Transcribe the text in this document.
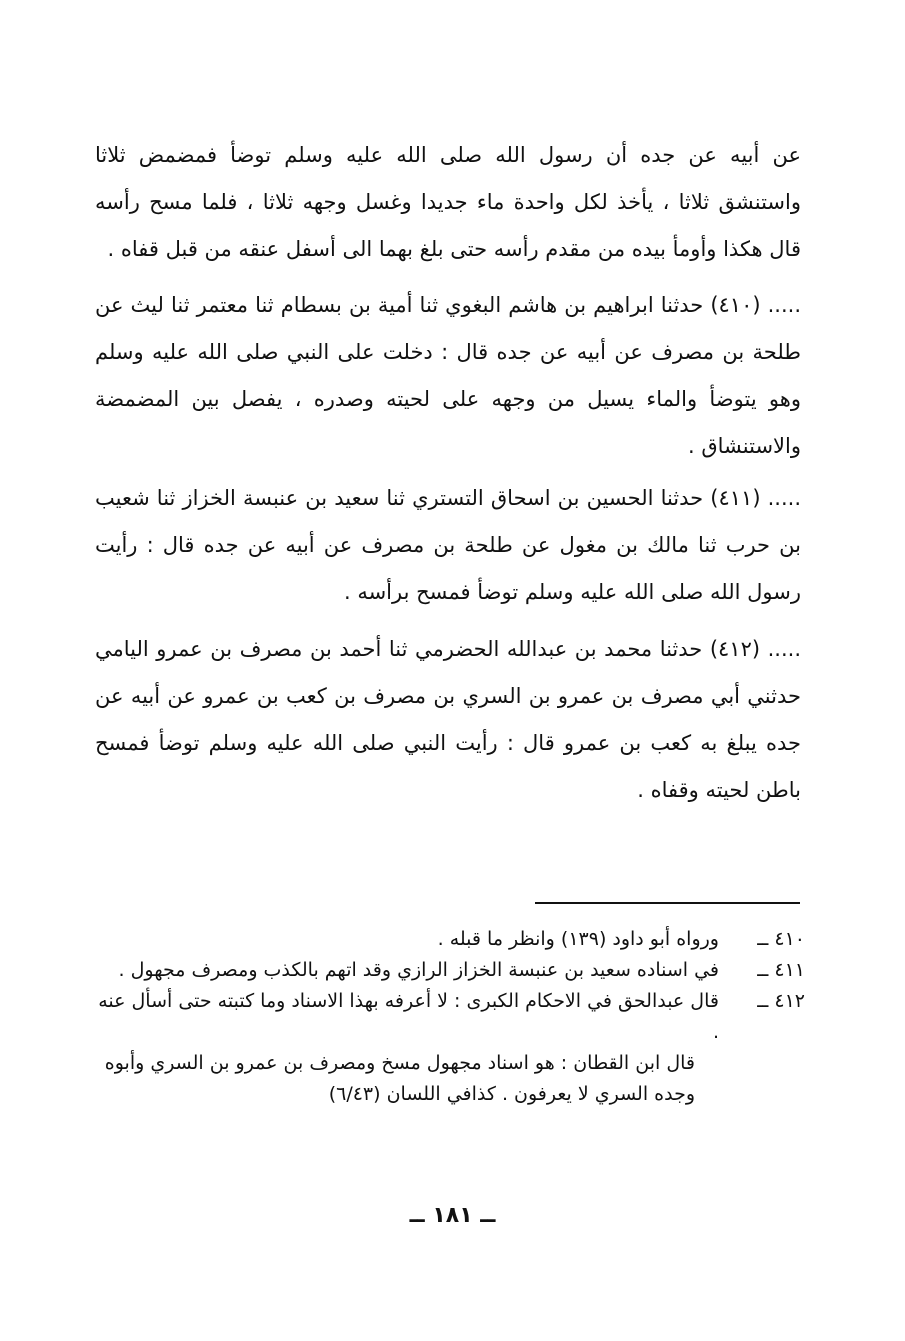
عن أبيه عن جده أن رسول الله صلى الله عليه وسلم توضأ فمضمض ثلاثا واستنشق ثلاثا ، يأخذ لكل واحدة ماء جديدا وغسل وجهه ثلاثا ، فلما مسح رأسه قال هكذا وأومأ بيده من مقدم رأسه حتى بلغ بهما الى أسفل عنقه من قبل قفاه .

..... (٤١٠) حدثنا ابراهيم بن هاشم البغوي ثنا أمية بن بسطام ثنا معتمر ثنا ليث عن طلحة بن مصرف عن أبيه عن جده قال : دخلت على النبي صلى الله عليه وسلم وهو يتوضأ والماء يسيل من وجهه على لحيته وصدره ، يفصل بين المضمضة والاستنشاق .

..... (٤١١) حدثنا الحسين بن اسحاق التستري ثنا سعيد بن عنبسة الخزاز ثنا شعيب بن حرب ثنا مالك بن مغول عن طلحة بن مصرف عن أبيه عن جده قال : رأيت رسول الله صلى الله عليه وسلم توضأ فمسح برأسه .

..... (٤١٢) حدثنا محمد بن عبدالله الحضرمي ثنا أحمد بن مصرف بن عمرو اليامي حدثني أبي مصرف بن عمرو بن السري بن مصرف بن كعب بن عمرو عن أبيه عن جده يبلغ به كعب بن عمرو قال : رأيت النبي صلى الله عليه وسلم توضأ فمسح باطن لحيته وقفاه .

٤١٠ ــ
ورواه أبو داود (١٣٩) وانظر ما قبله .
٤١١ ــ
في اسناده سعيد بن عنبسة الخزاز الرازي وقد اتهم بالكذب ومصرف مجهول .
٤١٢ ــ
قال عبدالحق في الاحكام الكبرى : لا أعرفه بهذا الاسناد وما كتبته حتى أسأل عنه .
قال ابن القطان : هو اسناد مجهول مسخ ومصرف بن عمرو بن السري وأبوه وجده السري لا يعرفون . كذافي اللسان (٦/٤٣)
ــ ١٨١ ــ
